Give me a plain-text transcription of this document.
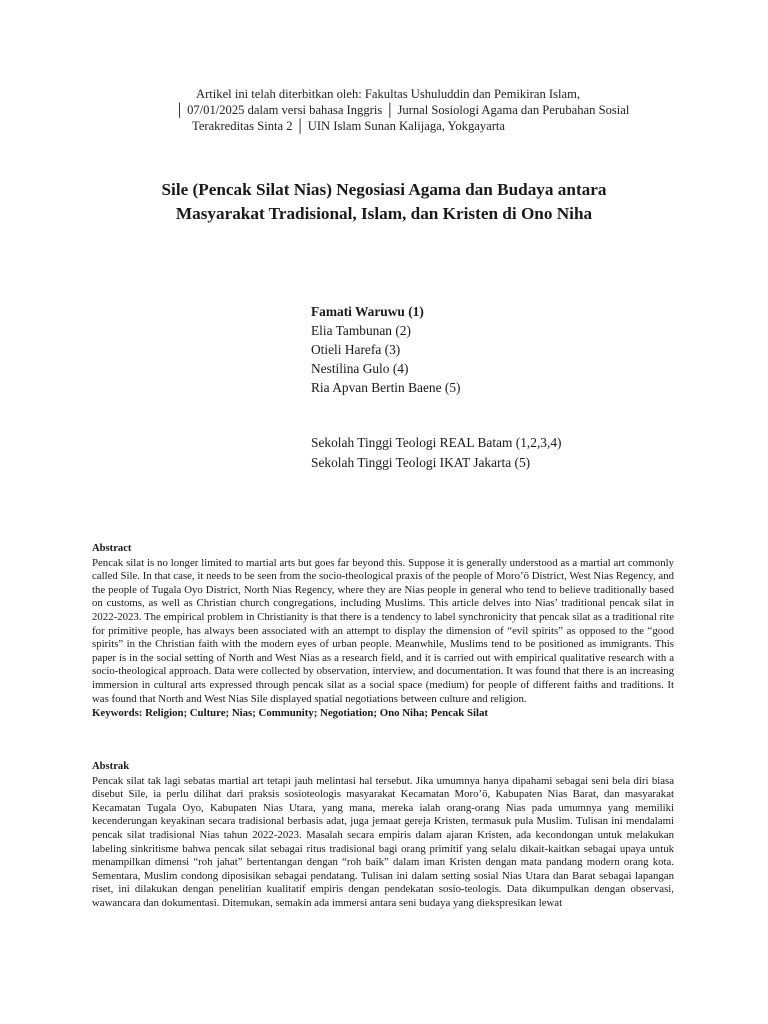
Artikel ini telah diterbitkan oleh: Fakultas Ushuluddin dan Pemikiran Islam,
│ 07/01/2025 dalam versi bahasa Inggris │ Jurnal Sosiologi Agama dan Perubahan Sosial
Terakreditas Sinta 2 │ UIN Islam Sunan Kalijaga, Yokgayarta
Sile (Pencak Silat Nias) Negosiasi Agama dan Budaya antara
Masyarakat Tradisional, Islam, dan Kristen di Ono Niha
Famati Waruwu (1)
Elia Tambunan (2)
Otieli Harefa (3)
Nestilina Gulo (4)
Ria Apvan Bertin Baene (5)
Sekolah Tinggi Teologi REAL Batam (1,2,3,4)
Sekolah Tinggi Teologi IKAT Jakarta (5)
Abstract

Pencak silat is no longer limited to martial arts but goes far beyond this. Suppose it is generally understood as a martial art commonly called Sile. In that case, it needs to be seen from the socio-theological praxis of the people of Moro’ö District, West Nias Regency, and the people of Tugala Oyo District, North Nias Regency, where they are Nias people in general who tend to believe traditionally based on customs, as well as Christian church congregations, including Muslims. This article delves into Nias’ traditional pencak silat in 2022-2023. The empirical problem in Christianity is that there is a tendency to label synchronicity that pencak silat as a traditional rite for primitive people, has always been associated with an attempt to display the dimension of “evil spirits” as opposed to the “good spirits” in the Christian faith with the modern eyes of urban people. Meanwhile, Muslims tend to be positioned as immigrants. This paper is in the social setting of North and West Nias as a research field, and it is carried out with empirical qualitative research with a socio-theological approach. Data were collected by observation, interview, and documentation. It was found that there is an increasing immersion in cultural arts expressed through pencak silat as a social space (medium) for people of different faiths and traditions. It was found that North and West Nias Sile displayed spatial negotiations between culture and religion.

Keywords: Religion; Culture; Nias; Community; Negotiation; Ono Niha; Pencak Silat
Abstrak

Pencak silat tak lagi sebatas martial art tetapi jauh melintasi hal tersebut. Jika umumnya hanya dipahami sebagai seni bela diri biasa disebut Sile, ia perlu dilihat dari praksis sosioteologis masyarakat Kecamatan Moro’ö, Kabupaten Nias Barat, dan masyarakat Kecamatan Tugala Oyo, Kabupaten Nias Utara, yang mana, mereka ialah orang-orang Nias pada umumnya yang memiliki kecenderungan keyakinan secara tradisional berbasis adat, juga jemaat gereja Kristen, termasuk pula Muslim. Tulisan ini mendalami pencak silat tradisional Nias tahun 2022-2023. Masalah secara empiris dalam ajaran Kristen, ada kecondongan untuk melakukan labeling sinkritisme bahwa pencak silat sebagai ritus tradisional bagi orang primitif yang selalu dikait-kaitkan sebagai upaya untuk menampilkan dimensi “roh jahat” bertentangan dengan “roh baik” dalam iman Kristen dengan mata pandang modern orang kota. Sementara, Muslim condong diposisikan sebagai pendatang. Tulisan ini dalam setting sosial Nias Utara dan Barat sebagai lapangan riset, ini dilakukan dengan penelitian kualitatif empiris dengan pendekatan sosio-teologis. Data dikumpulkan dengan observasi, wawancara dan dokumentasi. Ditemukan, semakin ada immersi antara seni budaya yang diekspresikan lewat
